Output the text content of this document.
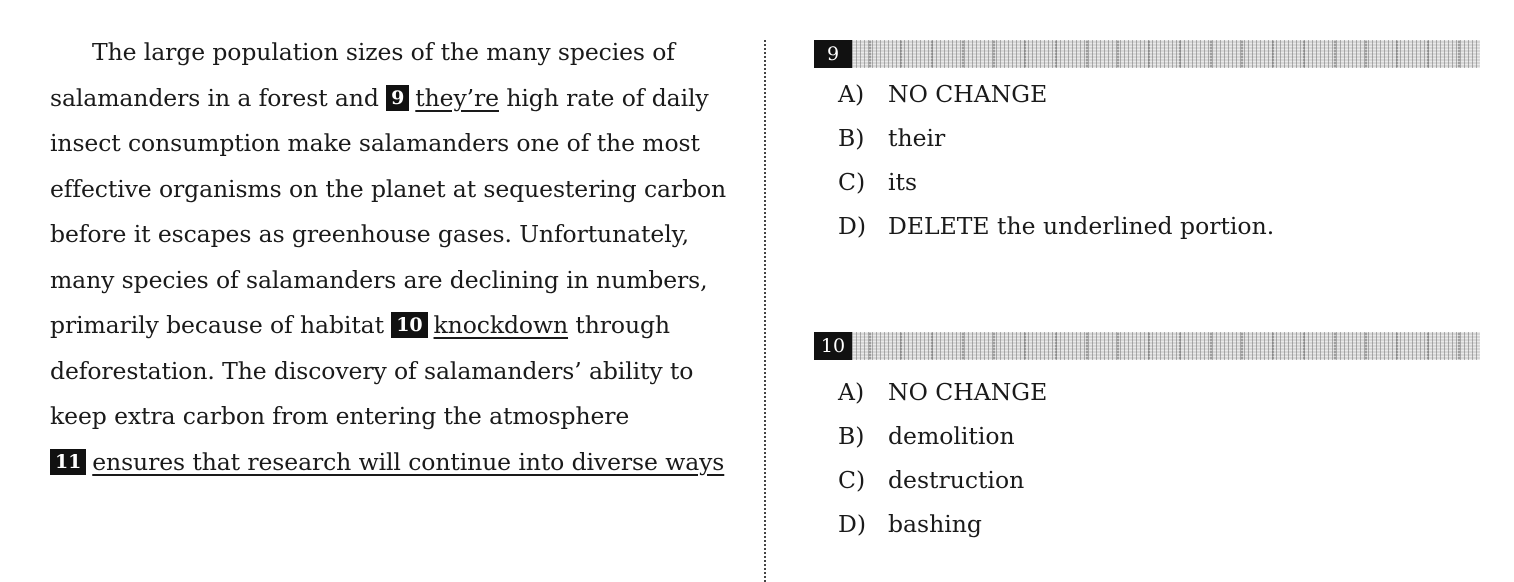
The large population sizes of the many species of
salamanders in a forest and 9 they’re high rate of daily
insect consumption make salamanders one of the most
effective organisms on the planet at sequestering carbon
before it escapes as greenhouse gases. Unfortunately,
many species of salamanders are declining in numbers,
primarily because of habitat 10 knockdown through
deforestation. The discovery of salamanders’ ability to
keep extra carbon from entering the atmosphere
11 ensures that research will continue into diverse ways
9
A)	NO CHANGE
B)	their
C) its
D) DELETE the underlined portion.
10
A)	NO CHANGE
B)	demolition
C) destruction
D) bashing
